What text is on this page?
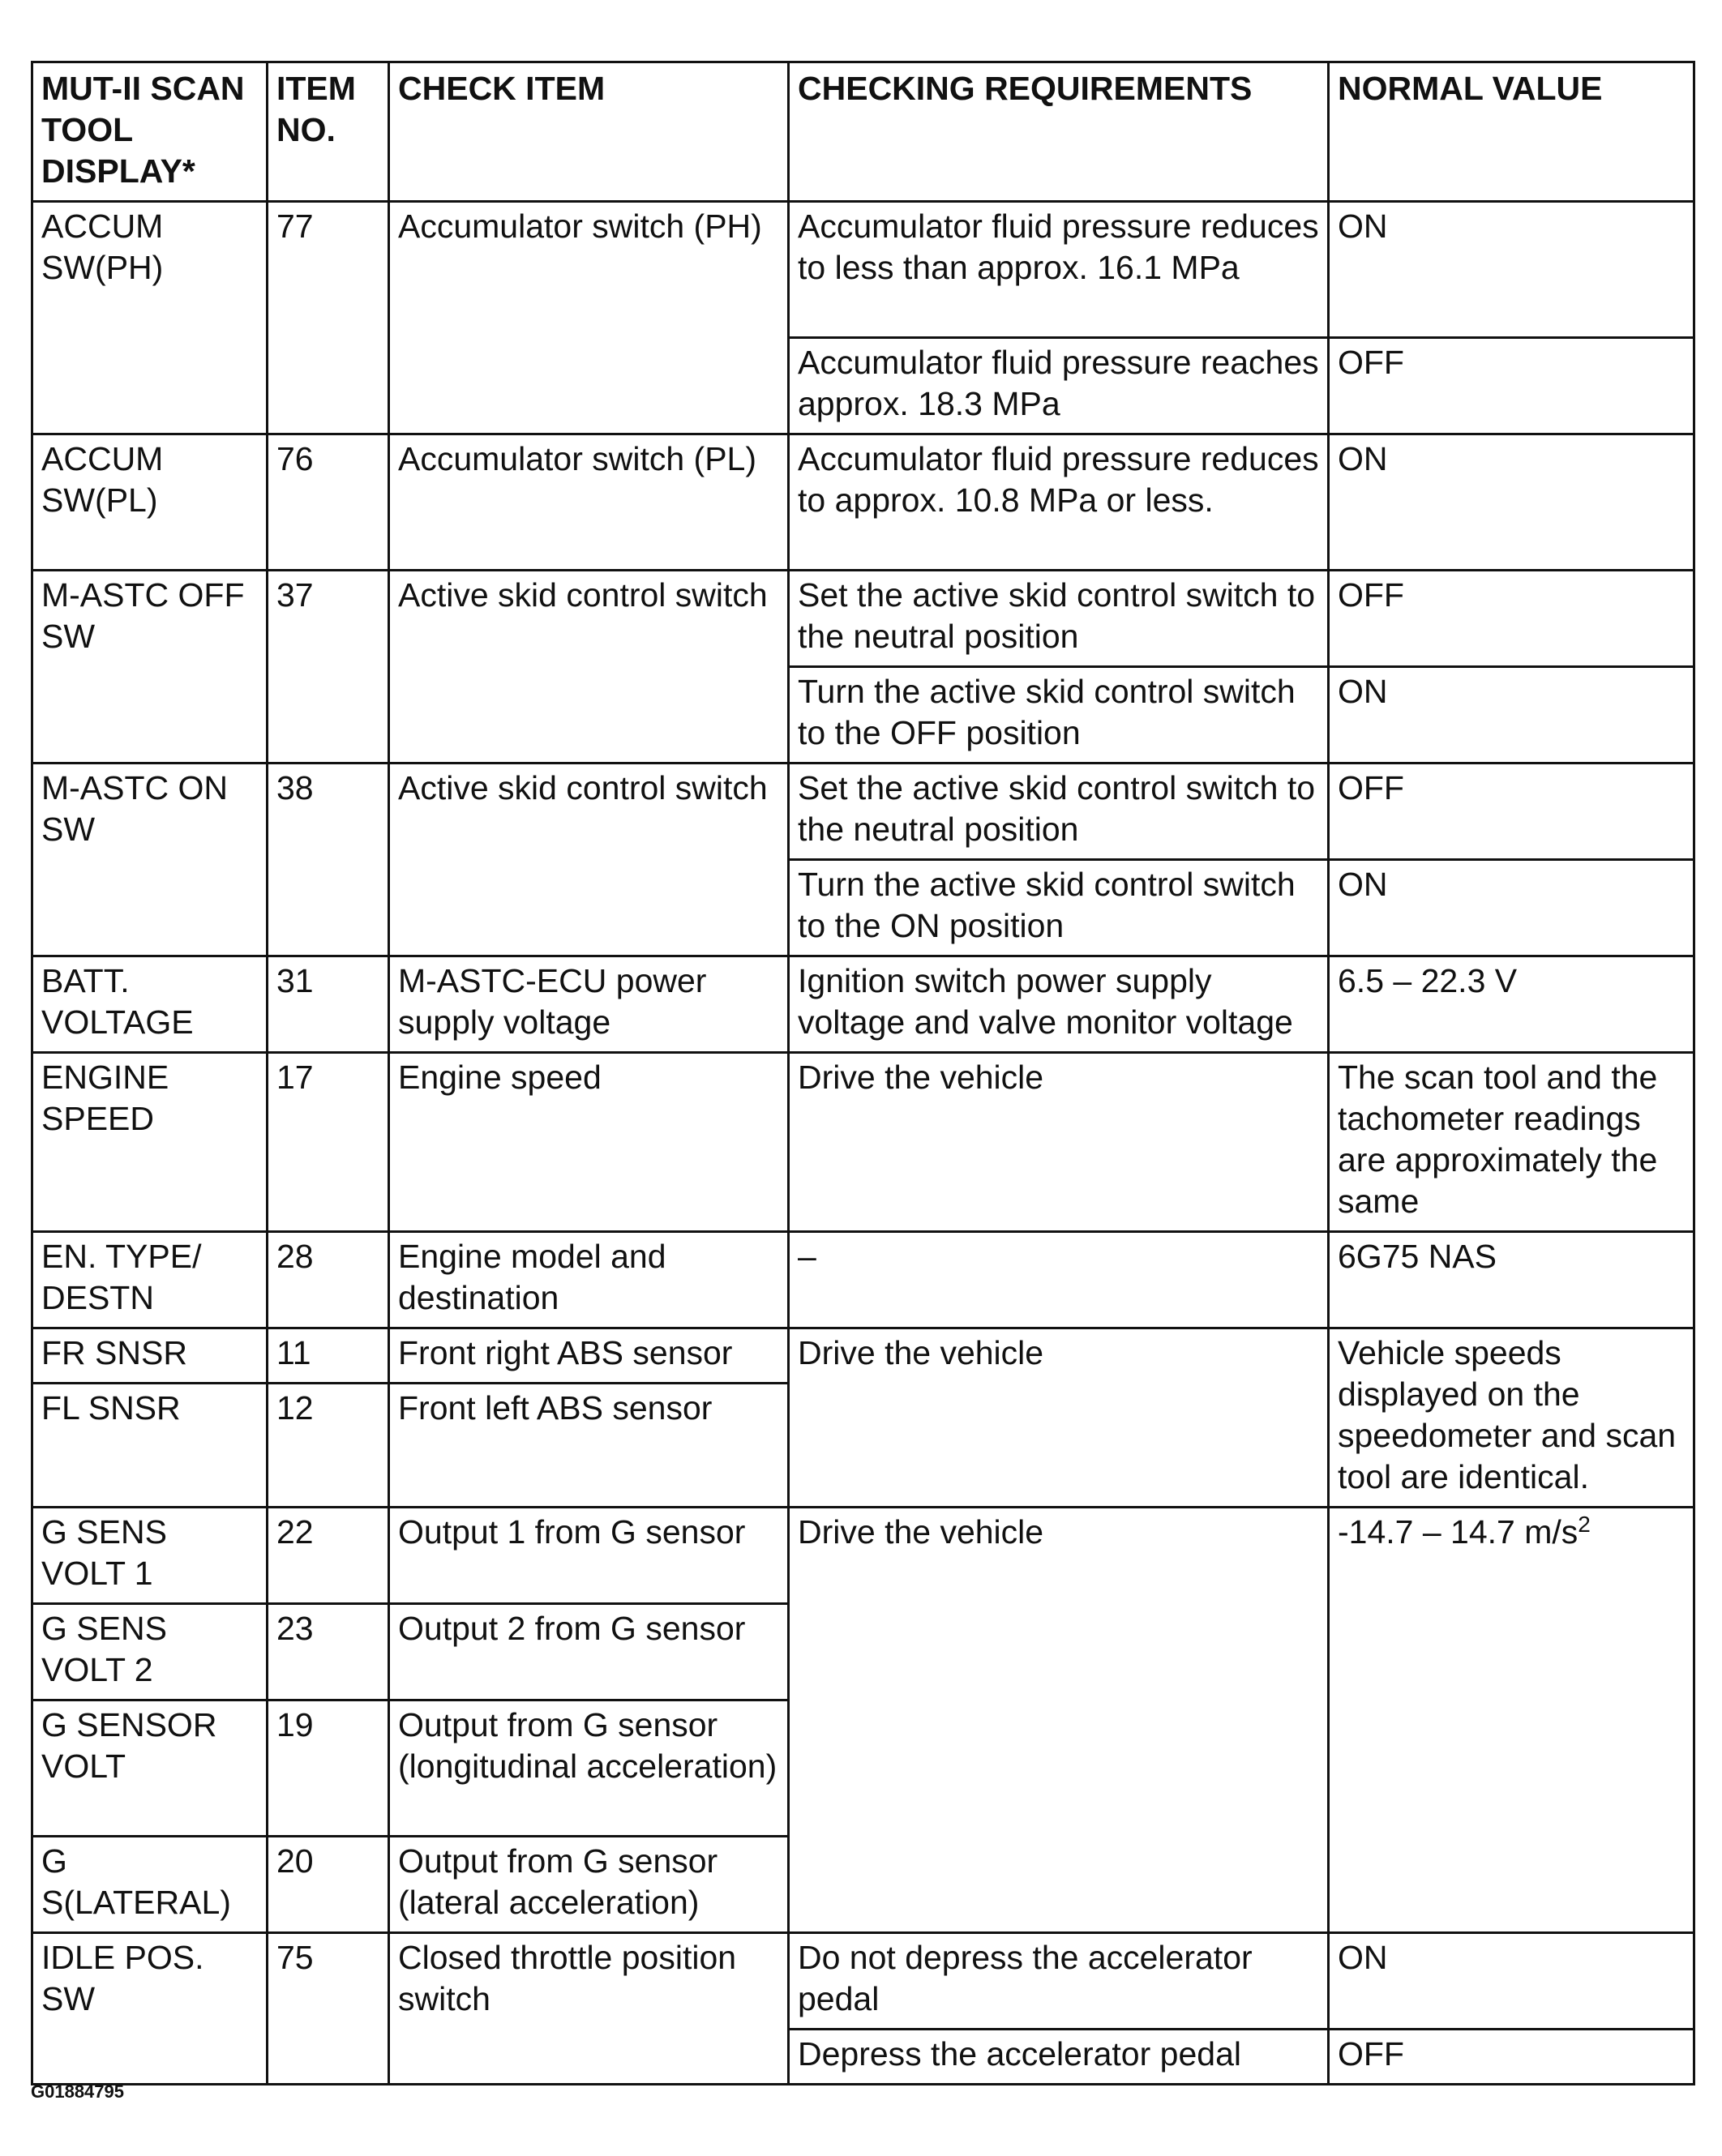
MUT-II SCAN TOOL DISPLAY*	ITEM NO.	CHECK ITEM	CHECKING REQUIREMENTS	NORMAL VALUE
ACCUM SW(PH)	77	Accumulator switch (PH)	Accumulator fluid pressure reduces to less than approx. 16.1 MPa	ON
			Accumulator fluid pressure reaches approx. 18.3 MPa	OFF
ACCUM SW(PL)	76	Accumulator switch (PL)	Accumulator fluid pressure reduces to approx. 10.8 MPa or less.	ON
M-ASTC OFF SW	37	Active skid control switch	Set the active skid control switch to the neutral position	OFF
			Turn the active skid control switch to the OFF position	ON
M-ASTC ON SW	38	Active skid control switch	Set the active skid control switch to the neutral position	OFF
			Turn the active skid control switch to the ON position	ON
BATT. VOLTAGE	31	M-ASTC-ECU power supply voltage	Ignition switch power supply voltage and valve monitor voltage	6.5 – 22.3 V
ENGINE SPEED	17	Engine speed	Drive the vehicle	The scan tool and the tachometer readings are approximately the same
EN. TYPE/ DESTN	28	Engine model and destination	–	6G75 NAS
FR SNSR	11	Front right ABS sensor	Drive the vehicle	Vehicle speeds displayed on the speedometer and scan tool are identical.
FL SNSR	12	Front left ABS sensor		
G SENS VOLT 1	22	Output 1 from G sensor	Drive the vehicle	-14.7 – 14.7 $m/s^2$
G SENS VOLT 2	23	Output 2 from G sensor		
G SENSOR VOLT	19	Output from G sensor (longitudinal acceleration)		
G S(LATERAL)	20	Output from G sensor (lateral acceleration)		
IDLE POS. SW	75	Closed throttle position switch	Do not depress the accelerator pedal	ON
			Depress the accelerator pedal	OFF
G01884795
